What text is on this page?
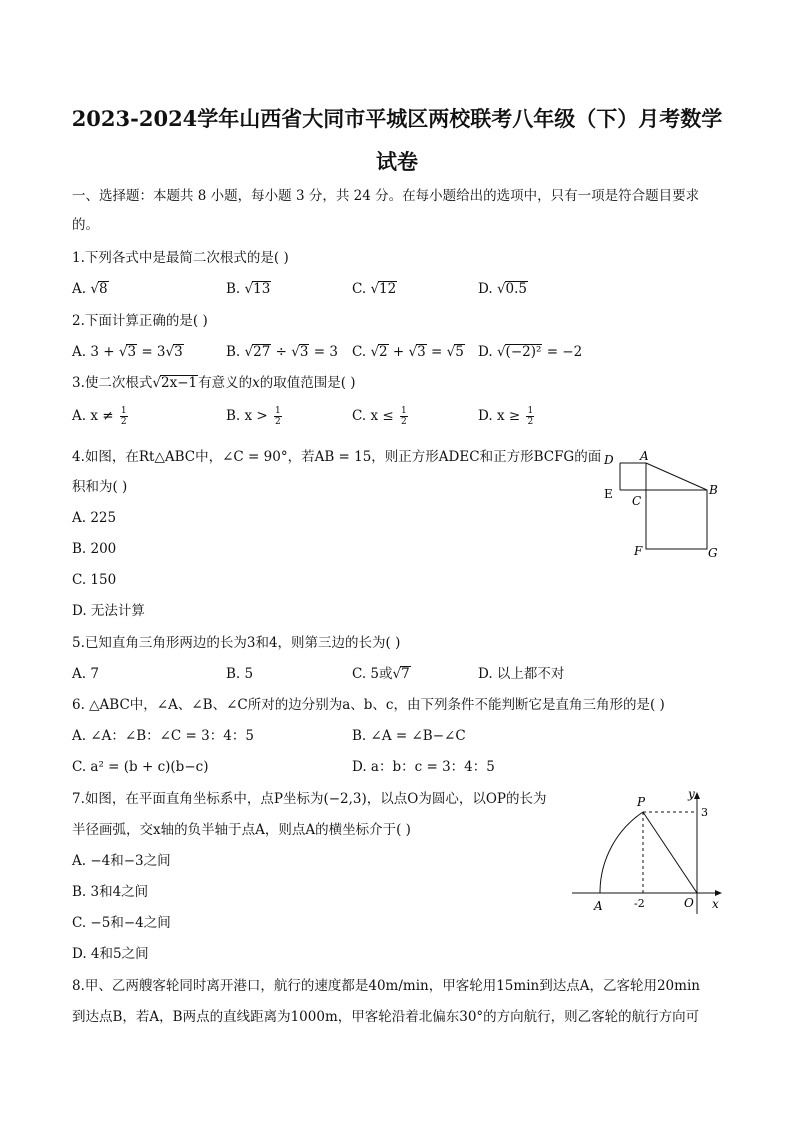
2023-2024学年山西省大同市平城区两校联考八年级（下）月考数学
试卷
一、选择题：本题共 8 小题，每小题 3 分，共 24 分。在每小题给出的选项中，只有一项是符合题目要求
的。
1.下列各式中是最简二次根式的是( )
A. √8	B. √13	C. √12	D. √0.5
2.下面计算正确的是( )
A. 3 + √3 = 3√3	B. √27 ÷ √3 = 3 C. √2 + √3 = √5 D. √(−2)² = −2
3.使二次根式√2x−1有意义的x的取值范围是( )
A. $x \ne \frac{1}{2}$	B. $x > \frac{1}{2}$	C. $x \le \frac{1}{2}$	D. $x \ge \frac{1}{2}$
4.如图，在Rt△ABC中，∠C = 90°，若AB = 15，则正方形ADEC和正方形BCFG的面
积和为( )
A. 225
B. 200
C. 150
D. 无法计算
D A
E C
B
F	G
5.已知直角三角形两边的长为3和4，则第三边的长为( )
A. 7	B. 5	C. 5或√7	D. 以上都不对
6. △ABC中，∠A、∠B、∠C所对的边分别为a、b、c，由下列条件不能判断它是直角三角形的是( )
A. ∠A：∠B：∠C = 3：4：5	B. ∠A = ∠B−∠C
C. a² = (b + c)(b−c)	D. a：b：c = 3：4：5
7.如图，在平面直角坐标系中，点P坐标为(−2,3)，以点O为圆心，以OP的长为
半径画弧，交x轴的负半轴于点A，则点A的横坐标介于( )
A. −4和−3之间
B. 3和4之间
C. −5和−4之间
D. 4和5之间
P
y
3
A	-2	O x
8.甲、乙两艘客轮同时离开港口，航行的速度都是40m/min，甲客轮用15min到达点A，乙客轮用20min
到达点B，若A，B两点的直线距离为1000m，甲客轮沿着北偏东30°的方向航行，则乙客轮的航行方向可
